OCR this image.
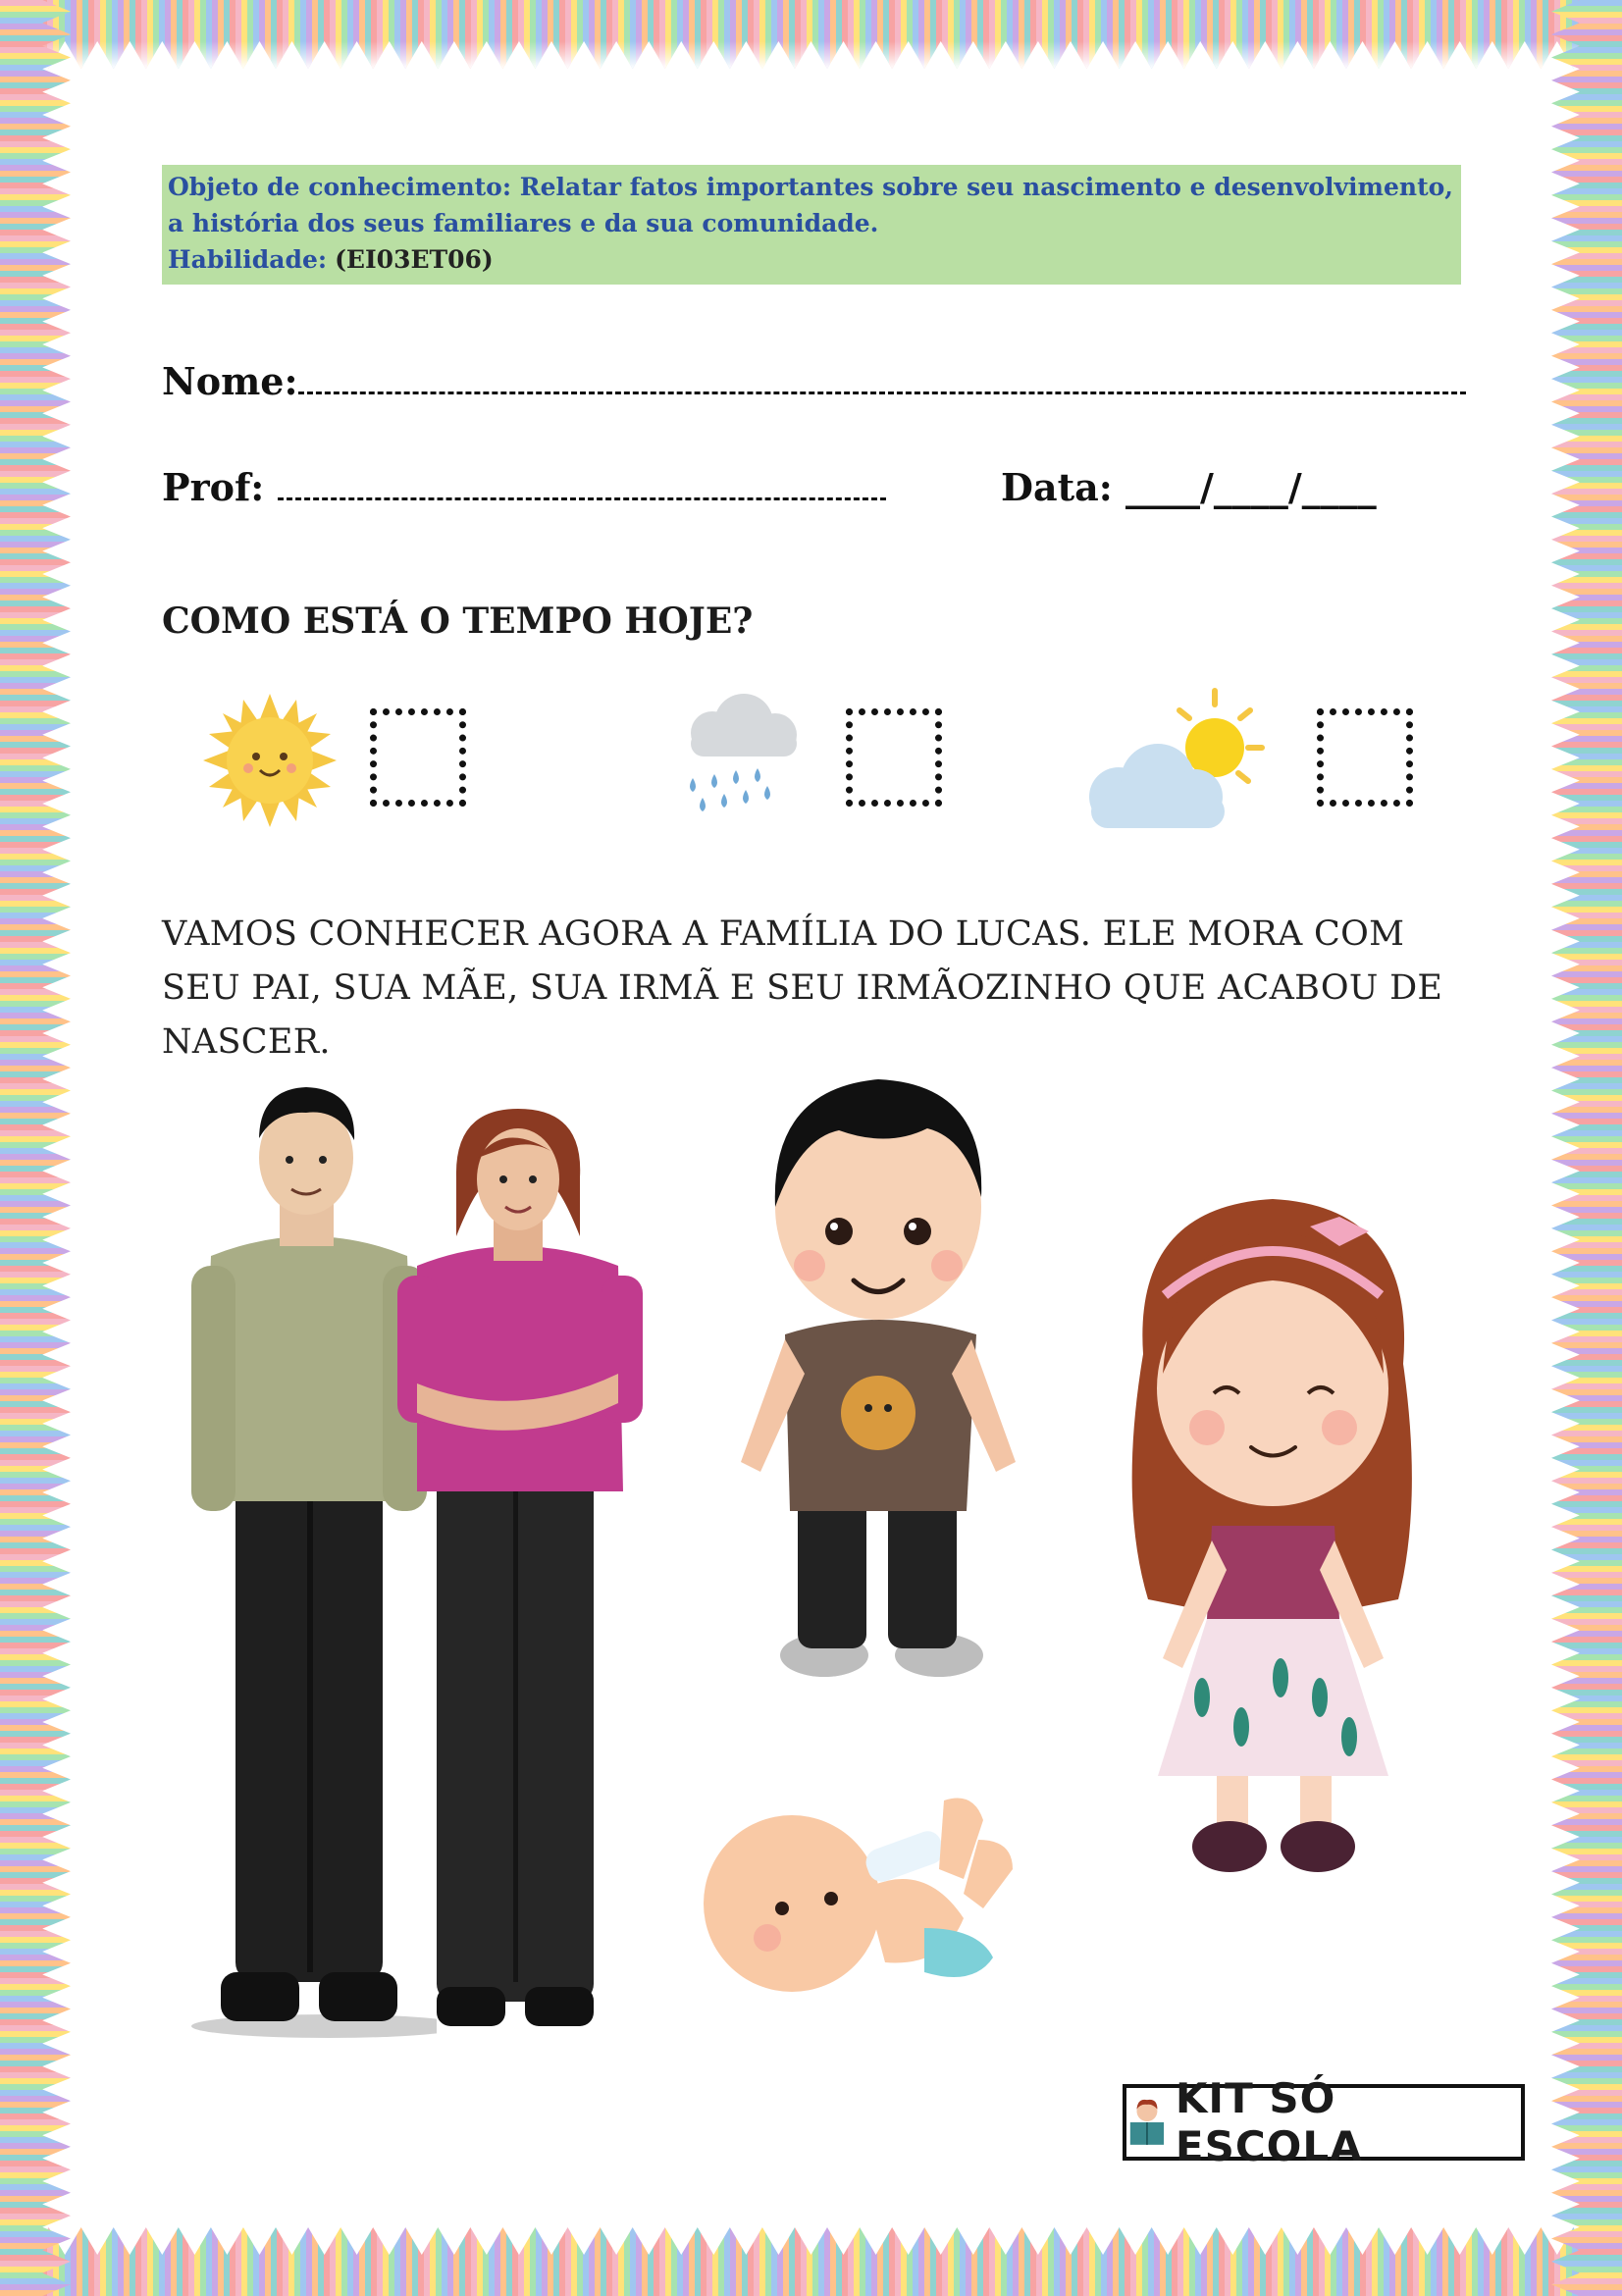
Objeto de conhecimento: Relatar fatos importantes sobre seu nascimento e desenvolvimento, a história dos seus familiares e da sua comunidade.
Habilidade: (EI03ET06)
Nome:
Prof:	Data: ____/____/____
COMO ESTÁ O TEMPO HOJE?
VAMOS CONHECER AGORA A FAMÍLIA DO LUCAS. ELE MORA COM SEU PAI, SUA MÃE, SUA IRMÃ E SEU IRMÃOZINHO QUE ACABOU DE NASCER.
KIT SÓ ESCOLA
